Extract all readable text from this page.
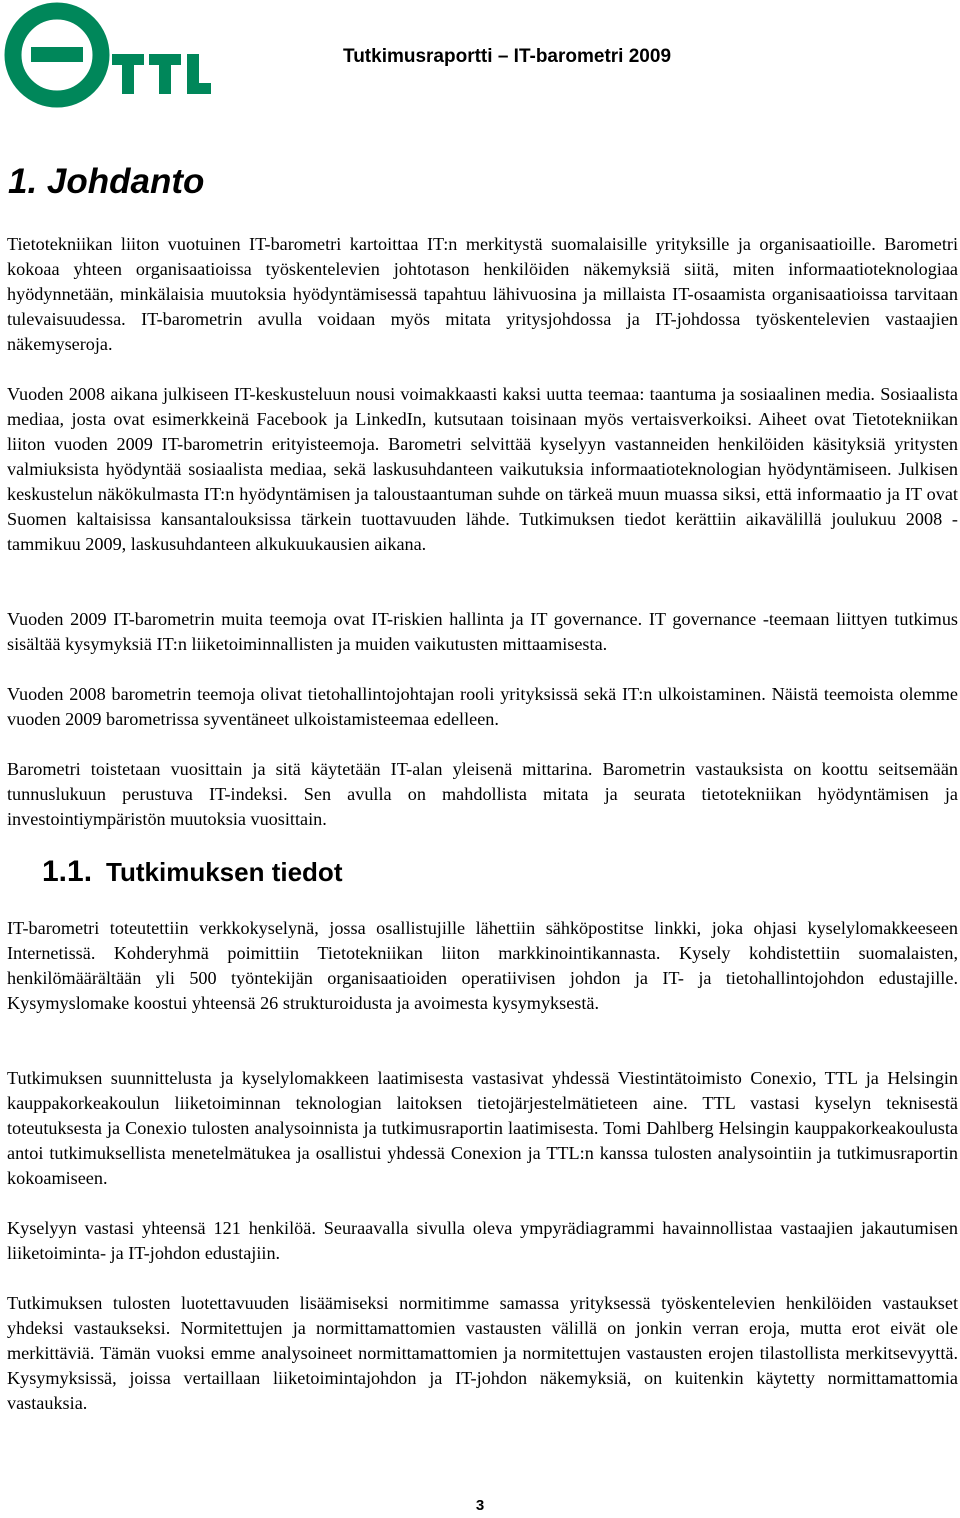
Tutkimusraportti – IT-barometri 2009

1. Johdanto

Tietotekniikan liiton vuotuinen IT-barometri kartoittaa IT:n merkitystä suomalaisille yrityksille ja organisaatioille. Barometri kokoaa yhteen organisaatioissa työskentelevien johtotason henkilöiden näkemyksiä siitä, miten informaatioteknologiaa hyödynnetään, minkälaisia muutoksia hyödyntämisessä tapahtuu lähivuosina ja millaista IT-osaamista organisaatioissa tarvitaan tulevaisuudessa. IT-barometrin avulla voidaan myös mitata yritysjohdossa ja IT-johdossa työskentelevien vastaajien näkemyseroja.

Vuoden 2008 aikana julkiseen IT-keskusteluun nousi voimakkaasti kaksi uutta teemaa: taantuma ja sosiaalinen media. Sosiaalista mediaa, josta ovat esimerkkeinä Facebook ja LinkedIn, kutsutaan toisinaan myös vertaisverkoiksi. Aiheet ovat Tietotekniikan liiton vuoden 2009 IT-barometrin erityisteemoja. Barometri selvittää kyselyyn vastanneiden henkilöiden käsityksiä yritysten valmiuksista hyödyntää sosiaalista mediaa, sekä laskusuhdanteen vaikutuksia informaatioteknologian hyödyntämiseen. Julkisen keskustelun näkökulmasta IT:n hyödyntämisen ja taloustaantuman suhde on tärkeä muun muassa siksi, että informaatio ja IT ovat Suomen kaltaisissa kansantalouksissa tärkein tuottavuuden lähde. Tutkimuksen tiedot kerättiin aikavälillä joulukuu 2008 - tammikuu 2009, laskusuhdanteen alkukuukausien aikana.

Vuoden 2009 IT-barometrin muita teemoja ovat IT-riskien hallinta ja IT governance. IT governance -teemaan liittyen tutkimus sisältää kysymyksiä IT:n liiketoiminnallisten ja muiden vaikutusten mittaamisesta.

Vuoden 2008 barometrin teemoja olivat tietohallintojohtajan rooli yrityksissä sekä IT:n ulkoistaminen. Näistä teemoista olemme vuoden 2009 barometrissa syventäneet ulkoistamisteemaa edelleen.

Barometri toistetaan vuosittain ja sitä käytetään IT-alan yleisenä mittarina. Barometrin vastauksista on koottu seitsemään tunnuslukuun perustuva IT-indeksi. Sen avulla on mahdollista mitata ja seurata tietotekniikan hyödyntämisen ja investointiympäristön muutoksia vuosittain.

1.1. Tutkimuksen tiedot

IT-barometri toteutettiin verkkokyselynä, jossa osallistujille lähettiin sähköpostitse linkki, joka ohjasi kyselylomakkeeseen Internetissä. Kohderyhmä poimittiin Tietotekniikan liiton markkinointikannasta. Kysely kohdistettiin suomalaisten, henkilömäärältään yli 500 työntekijän organisaatioiden operatiivisen johdon ja IT- ja tietohallintojohdon edustajille. Kysymyslomake koostui yhteensä 26 strukturoidusta ja avoimesta kysymyksestä.

Tutkimuksen suunnittelusta ja kyselylomakkeen laatimisesta vastasivat yhdessä Viestintätoimisto Conexio, TTL ja Helsingin kauppakorkeakoulun liiketoiminnan teknologian laitoksen tietojärjestelmätieteen aine. TTL vastasi kyselyn teknisestä toteutuksesta ja Conexio tulosten analysoinnista ja tutkimusraportin laatimisesta. Tomi Dahlberg Helsingin kauppakorkeakoulusta antoi tutkimuksellista menetelmätukea ja osallistui yhdessä Conexion ja TTL:n kanssa tulosten analysointiin ja tutkimusraportin kokoamiseen.

Kyselyyn vastasi yhteensä 121 henkilöä. Seuraavalla sivulla oleva ympyrädiagrammi havainnollistaa vastaajien jakautumisen liiketoiminta- ja IT-johdon edustajiin.

Tutkimuksen tulosten luotettavuuden lisäämiseksi normitimme samassa yrityksessä työskentelevien henkilöiden vastaukset yhdeksi vastaukseksi. Normitettujen ja normittamattomien vastausten välillä on jonkin verran eroja, mutta erot eivät ole merkittäviä. Tämän vuoksi emme analysoineet normittamattomien ja normitettujen vastausten erojen tilastollista merkitsevyyttä. Kysymyksissä, joissa vertaillaan liiketoimintajohdon ja IT-johdon näkemyksiä, on kuitenkin käytetty normittamattomia vastauksia.

3
